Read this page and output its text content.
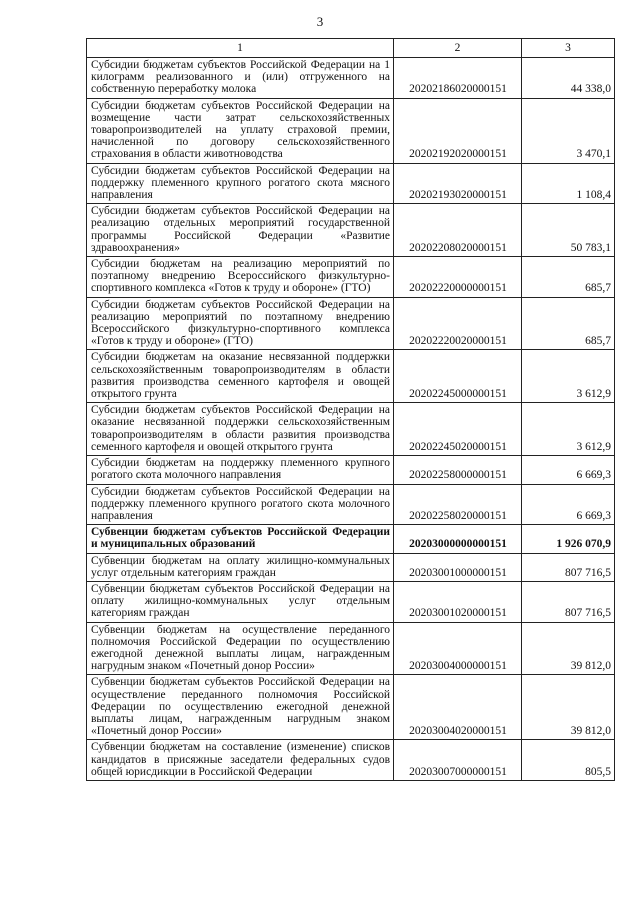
3
1	2	3
Субсидии бюджетам субъектов Российской Федерации на 1 килограмм реализованного и (или) отгруженного на собственную переработку молока	20202186020000151	44 338,0
Субсидии бюджетам субъектов Российской Федерации на возмещение части затрат сельскохозяйственных товаропроизводителей на уплату страховой премии, начисленной по договору сельскохозяйственного страхования в области животноводства	20202192020000151	3 470,1
Субсидии бюджетам субъектов Российской Федерации на поддержку племенного крупного рогатого скота мясного направления	20202193020000151	1 108,4
Субсидии бюджетам субъектов Российской Федерации на реализацию отдельных мероприятий государственной программы Российской Федерации «Развитие здравоохранения»	20202208020000151	50 783,1
Субсидии бюджетам на реализацию мероприятий по поэтапному внедрению Всероссийского физкультурно-спортивного комплекса «Готов к труду и обороне» (ГТО)	20202220000000151	685,7
Субсидии бюджетам субъектов Российской Федерации на реализацию мероприятий по поэтапному внедрению Всероссийского физкультурно-спортивного комплекса «Готов к труду и обороне» (ГТО)	20202220020000151	685,7
Субсидии бюджетам на оказание несвязанной поддержки сельскохозяйственным товаропроизводителям в области развития производства семенного картофеля и овощей открытого грунта	20202245000000151	3 612,9
Субсидии бюджетам субъектов Российской Федерации на оказание несвязанной поддержки сельскохозяйственным товаропроизводителям в области развития производства семенного картофеля и овощей открытого грунта	20202245020000151	3 612,9
Субсидии бюджетам на поддержку племенного крупного рогатого скота молочного направления	20202258000000151	6 669,3
Субсидии бюджетам субъектов Российской Федерации на поддержку племенного крупного рогатого скота молочного направления	20202258020000151	6 669,3
Субвенции бюджетам субъектов Российской Федерации и муниципальных образований	20203000000000151	1 926 070,9
Субвенции бюджетам на оплату жилищно-коммунальных услуг отдельным категориям граждан	20203001000000151	807 716,5
Субвенции бюджетам субъектов Российской Федерации на оплату жилищно-коммунальных услуг отдельным категориям граждан	20203001020000151	807 716,5
Субвенции бюджетам на осуществление переданного полномочия Российской Федерации по осуществлению ежегодной денежной выплаты лицам, награжденным нагрудным знаком «Почетный донор России»	20203004000000151	39 812,0
Субвенции бюджетам субъектов Российской Федерации на осуществление переданного полномочия Российской Федерации по осуществлению ежегодной денежной выплаты лицам, награжденным нагрудным знаком «Почетный донор России»	20203004020000151	39 812,0
Субвенции бюджетам на составление (изменение) списков кандидатов в присяжные заседатели федеральных судов общей юрисдикции в Российской Федерации	20203007000000151	805,5
